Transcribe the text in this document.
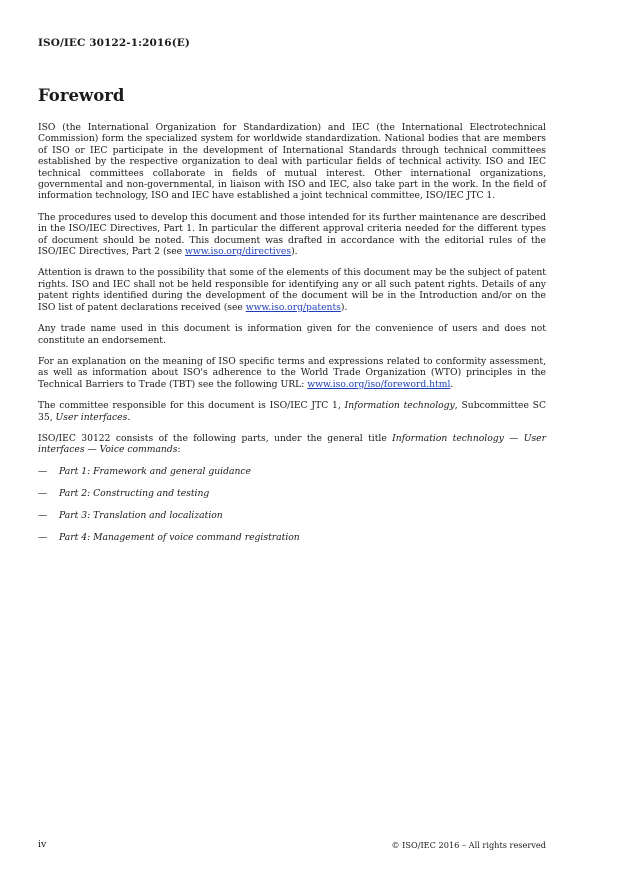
ISO/IEC 30122-1:2016(E)
Foreword

ISO (the International Organization for Standardization) and IEC (the International Electrotechnical Commission) form the specialized system for worldwide standardization. National bodies that are members of ISO or IEC participate in the development of International Standards through technical committees established by the respective organization to deal with particular fields of technical activity. ISO and IEC technical committees collaborate in fields of mutual interest. Other international organizations, governmental and non-governmental, in liaison with ISO and IEC, also take part in the work. In the field of information technology, ISO and IEC have established a joint technical committee, ISO/IEC JTC 1.

The procedures used to develop this document and those intended for its further maintenance are described in the ISO/IEC Directives, Part 1. In particular the different approval criteria needed for the different types of document should be noted. This document was drafted in accordance with the editorial rules of the ISO/IEC Directives, Part 2 (see www.iso.org/directives).

Attention is drawn to the possibility that some of the elements of this document may be the subject of patent rights. ISO and IEC shall not be held responsible for identifying any or all such patent rights. Details of any patent rights identified during the development of the document will be in the Introduction and/or on the ISO list of patent declarations received (see www.iso.org/patents).

Any trade name used in this document is information given for the convenience of users and does not constitute an endorsement.

For an explanation on the meaning of ISO specific terms and expressions related to conformity assessment, as well as information about ISO's adherence to the World Trade Organization (WTO) principles in the Technical Barriers to Trade (TBT) see the following URL: www.iso.org/iso/foreword.html.

The committee responsible for this document is ISO/IEC JTC 1, Information technology, Subcommittee SC 35, User interfaces.

ISO/IEC 30122 consists of the following parts, under the general title Information technology — User interfaces — Voice commands:

—	Part 1: Framework and general guidance
—	Part 2: Constructing and testing
—	Part 3: Translation and localization
—	Part 4: Management of voice command registration
iv	© ISO/IEC 2016 – All rights reserved
